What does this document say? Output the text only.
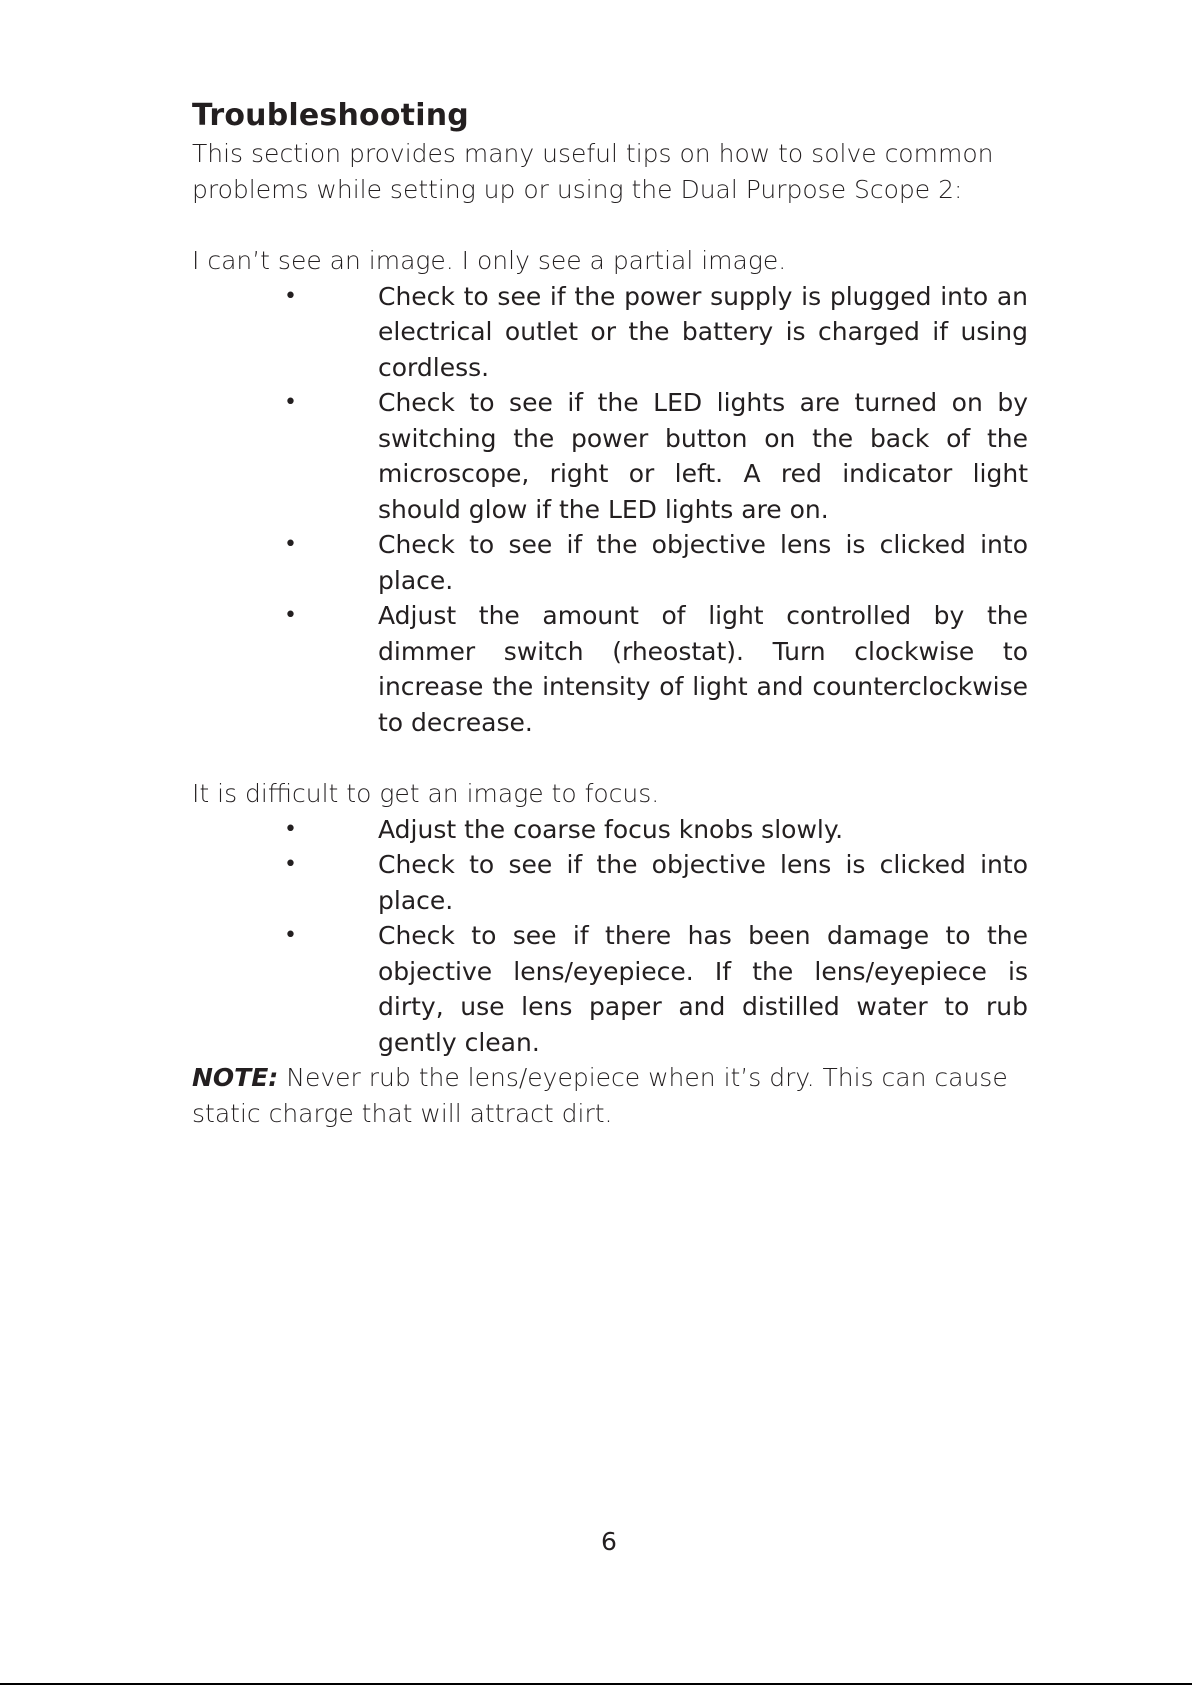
Troubleshooting

This section provides many useful tips on how to solve common problems while setting up or using the Dual Purpose Scope 2:

I can’t see an image. I only see a partial image.

•	Check to see if the power supply is plugged into an electrical outlet or the battery is charged if using cordless.
•	Check to see if the LED lights are turned on by switching the power button on the back of the microscope, right or left. A red indicator light should glow if the LED lights are on.
•	Check to see if the objective lens is clicked into place.
•	Adjust the amount of light controlled by the dimmer switch (rheostat). Turn clockwise to increase the intensity of light and counterclockwise to decrease.

It is difficult to get an image to focus.

•	Adjust the coarse focus knobs slowly.
•	Check to see if the objective lens is clicked into place.
•	Check to see if there has been damage to the objective lens/eyepiece. If the lens/eyepiece is dirty, use lens paper and distilled water to rub gently clean.

NOTE: Never rub the lens/eyepiece when it’s dry. This can cause static charge that will attract dirt.

6
